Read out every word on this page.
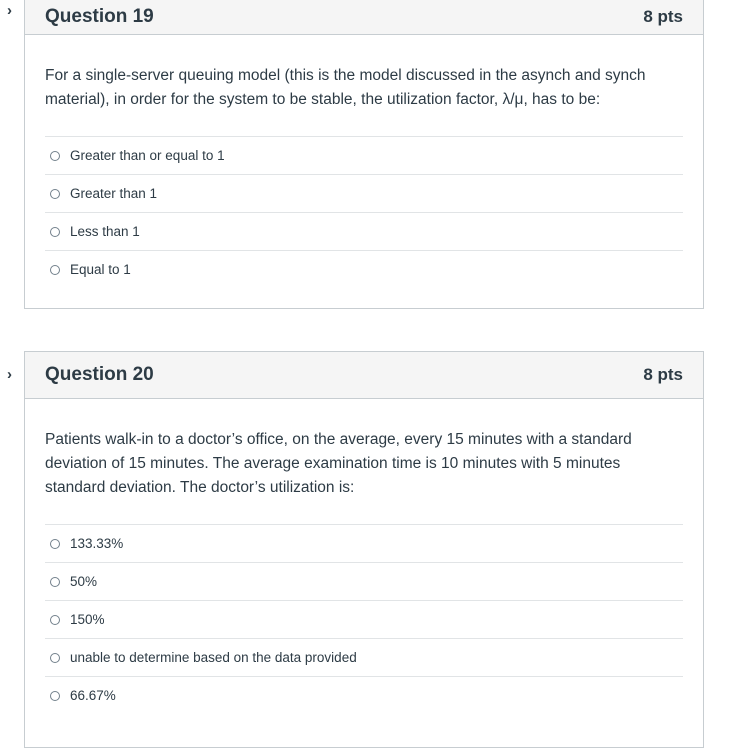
› Question 19	8 pts

For a single-server queuing model (this is the model discussed in the asynch and synch material), in order for the system to be stable, the utilization factor, λ/μ, has to be:

Greater than or equal to 1
Greater than 1
Less than 1
Equal to 1
› Question 20	8 pts

Patients walk-in to a doctor’s office, on the average, every 15 minutes with a standard deviation of 15 minutes. The average examination time is 10 minutes with 5 minutes standard deviation. The doctor’s utilization is:

133.33%
50%
150%
unable to determine based on the data provided
66.67%
